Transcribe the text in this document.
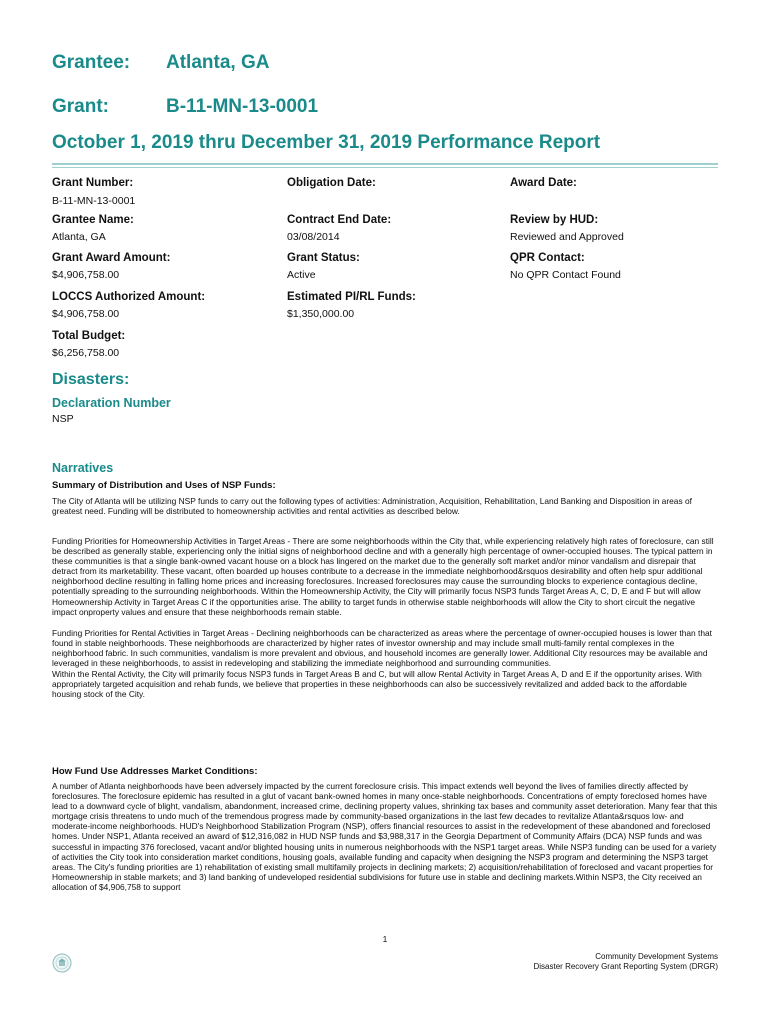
Grantee: Atlanta, GA
Grant:	B-11-MN-13-0001
October 1, 2019 thru December 31, 2019 Performance Report
Grant Number:
B-11-MN-13-0001
Obligation Date:	Award Date:
Grantee Name:
Atlanta, GA
Contract End Date:
03/08/2014
Review by HUD:
Reviewed and Approved
Grant Award Amount:
$4,906,758.00
Grant Status:
Active
QPR Contact:
No QPR Contact Found
LOCCS Authorized Amount:
$4,906,758.00
Estimated PI/RL Funds:
$1,350,000.00
Total Budget:
$6,256,758.00
Disasters:
Declaration Number
NSP
Narratives
Summary of Distribution and Uses of NSP Funds:

The City of Atlanta will be utilizing NSP funds to carry out the following types of activities: Administration, Acquisition, Rehabilitation, Land Banking and Disposition in areas of greatest need. Funding will be distributed to homeownership activities and rental activities as described below.

Funding Priorities for Homeownership Activities in Target Areas - There are some neighborhoods within the City that, while experiencing relatively high rates of foreclosure, can still be described as generally stable, experiencing only the initial signs of neighborhood decline and with a generally high percentage of owner-occupied houses. The typical pattern in these communities is that a single bank-owned vacant house on a block has lingered on the market due to the generally soft market and/or minor vandalism and disrepair that detract from its marketability. These vacant, often boarded up houses contribute to a decrease in the immediate neighborhood&rsquos desirability and often help spur additional neighborhood decline resulting in falling home prices and increasing foreclosures. Increased foreclosures may cause the surrounding blocks to experience contagious decline, potentially spreading to the surrounding neighborhoods. Within the Homeownership Activity, the City will primarily focus NSP3 funds Target Areas A, C, D, E and F but will allow Homeownership Activity in Target Areas C if the opportunities arise. The ability to target funds in otherwise stable neighborhoods will allow the City to short circuit the negative impact onproperty values and ensure that these neighborhoods remain stable.

Funding Priorities for Rental Activities in Target Areas - Declining neighborhoods can be characterized as areas where the percentage of owner-occupied houses is lower than that found in stable neighborhoods. These neighborhoods are characterized by higher rates of investor ownership and may include small multi-family rental complexes in the neighborhood fabric. In such communities, vandalism is more prevalent and obvious, and household incomes are generally lower. Additional City resources may be available and leveraged in these neighborhoods, to assist in redeveloping and stabilizing the immediate neighborhood and surrounding communities.

Within the Rental Activity, the City will primarily focus NSP3 funds in Target Areas B and C, but will allow Rental Activity in Target Areas A, D and E if the opportunity arises. With appropriately targeted acquisition and rehab funds, we believe that properties in these neighborhoods can also be successively revitalized and added back to the affordable housing stock of the City.

How Fund Use Addresses Market Conditions:

A number of Atlanta neighborhoods have been adversely impacted by the current foreclosure crisis. This impact extends well beyond the lives of families directly affected by foreclosures. The foreclosure epidemic has resulted in a glut of vacant bank-owned homes in many once-stable neighborhoods. Concentrations of empty foreclosed homes have lead to a downward cycle of blight, vandalism, abandonment, increased crime, declining property values, shrinking tax bases and community asset deterioration. Many fear that this mortgage crisis threatens to undo much of the tremendous progress made by community-based organizations in the last few decades to revitalize Atlanta&rsquos low- and moderate-income neighborhoods. HUD's Neighborhood Stabilization Program (NSP), offers financial resources to assist in the redevelopment of these abandoned and foreclosed homes. Under NSP1, Atlanta received an award of $12,316,082 in HUD NSP funds and $3,988,317 in the Georgia Department of Community Affairs (DCA) NSP funds and was successful in impacting 376 foreclosed, vacant and/or blighted housing units in numerous neighborhoods with the NSP1 target areas. While NSP3 funding can be used for a variety of activities the City took into consideration market conditions, housing goals, available funding and capacity when designing the NSP3 program and determining the NSP3 target areas. The City's funding priorities are 1) rehabilitation of existing small multifamily projects in declining markets; 2) acquisition/rehabilitation of foreclosed and vacant properties for Homeownership in stable markets; and 3) land banking of undeveloped residential subdivisions for future use in stable and declining markets.Within NSP3, the City received an allocation of $4,906,758 to support

1
Community Development Systems
Disaster Recovery Grant Reporting System (DRGR)
